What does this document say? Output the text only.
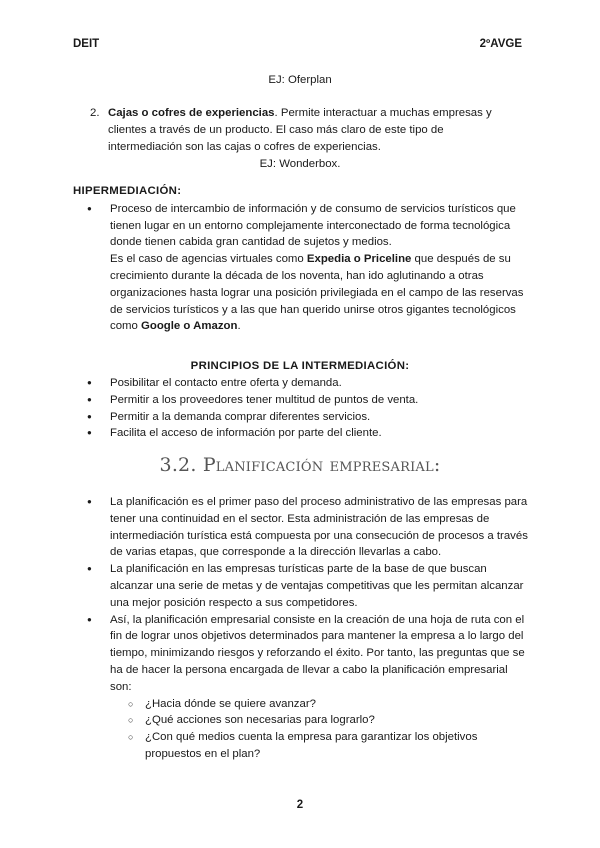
DEIT	2ºAVGE
EJ: Oferplan
2. Cajas o cofres de experiencias. Permite interactuar a muchas empresas y clientes a través de un producto. El caso más claro de este tipo de intermediación son las cajas o cofres de experiencias.
EJ: Wonderbox.
HIPERMEDIACIÓN:
● Proceso de intercambio de información y de consumo de servicios turísticos que tienen lugar en un entorno complejamente interconectado de forma tecnológica donde tienen cabida gran cantidad de sujetos y medios.
Es el caso de agencias virtuales como Expedia o Priceline que después de su crecimiento durante la década de los noventa, han ido aglutinando a otras organizaciones hasta lograr una posición privilegiada en el campo de las reservas de servicios turísticos y a las que han querido unirse otros gigantes tecnológicos como Google o Amazon.
PRINCIPIOS DE LA INTERMEDIACIÓN:
● Posibilitar el contacto entre oferta y demanda.
● Permitir a los proveedores tener multitud de puntos de venta.
● Permitir a la demanda comprar diferentes servicios.
● Facilita el acceso de información por parte del cliente.
3.2. Planificación empresarial:
● La planificación es el primer paso del proceso administrativo de las empresas para tener una continuidad en el sector. Esta administración de las empresas de intermediación turística está compuesta por una consecución de procesos a través de varias etapas, que corresponde a la dirección llevarlas a cabo.
● La planificación en las empresas turísticas parte de la base de que buscan alcanzar una serie de metas y de ventajas competitivas que les permitan alcanzar una mejor posición respecto a sus competidores.
● Así, la planificación empresarial consiste en la creación de una hoja de ruta con el fin de lograr unos objetivos determinados para mantener la empresa a lo largo del tiempo, minimizando riesgos y reforzando el éxito. Por tanto, las preguntas que se ha de hacer la persona encargada de llevar a cabo la planificación empresarial son:
○ ¿Hacia dónde se quiere avanzar?
○ ¿Qué acciones son necesarias para lograrlo?
○ ¿Con qué medios cuenta la empresa para garantizar los objetivos propuestos en el plan?
2
